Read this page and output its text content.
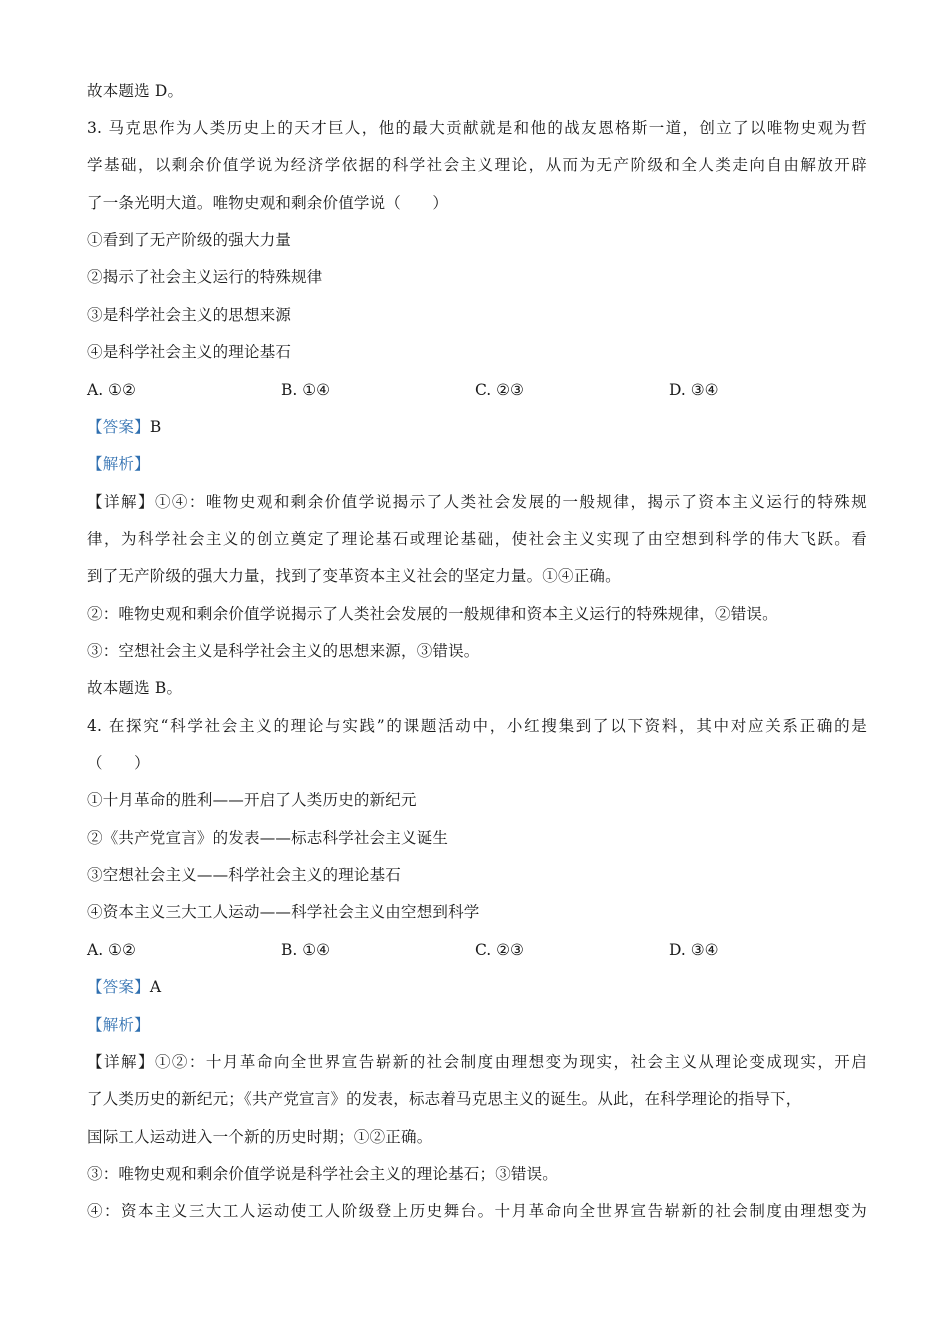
故本题选 D。
3. 马克思作为人类历史上的天才巨人，他的最大贡献就是和他的战友恩格斯一道，创立了以唯物史观为哲
学基础，以剩余价值学说为经济学依据的科学社会主义理论，从而为无产阶级和全人类走向自由解放开辟
了一条光明大道。唯物史观和剩余价值学说（　　）
①看到了无产阶级的强大力量
②揭示了社会主义运行的特殊规律
③是科学社会主义的思想来源
④是科学社会主义的理论基石
A. ①②	B. ①④	C. ②③	D. ③④
【答案】B
【解析】
【详解】①④：唯物史观和剩余价值学说揭示了人类社会发展的一般规律，揭示了资本主义运行的特殊规
律，为科学社会主义的创立奠定了理论基石或理论基础，使社会主义实现了由空想到科学的伟大飞跃。看
到了无产阶级的强大力量，找到了变革资本主义社会的坚定力量。①④正确。
②：唯物史观和剩余价值学说揭示了人类社会发展的一般规律和资本主义运行的特殊规律，②错误。
③：空想社会主义是科学社会主义的思想来源，③错误。
故本题选 B。
4. 在探究“科学社会主义的理论与实践”的课题活动中，小红搜集到了以下资料，其中对应关系正确的是
（　　）
①十月革命的胜利——开启了人类历史的新纪元
②《共产党宣言》的发表——标志科学社会主义诞生
③空想社会主义——科学社会主义的理论基石
④资本主义三大工人运动——科学社会主义由空想到科学
A. ①②	B. ①④	C. ②③	D. ③④
【答案】A
【解析】
【详解】①②：十月革命向全世界宣告崭新的社会制度由理想变为现实，社会主义从理论变成现实，开启
了人类历史的新纪元；《共产党宣言》的发表，标志着马克思主义的诞生。从此，在科学理论的指导下，
国际工人运动进入一个新的历史时期；①②正确。
③：唯物史观和剩余价值学说是科学社会主义的理论基石；③错误。
④：资本主义三大工人运动使工人阶级登上历史舞台。十月革命向全世界宣告崭新的社会制度由理想变为
